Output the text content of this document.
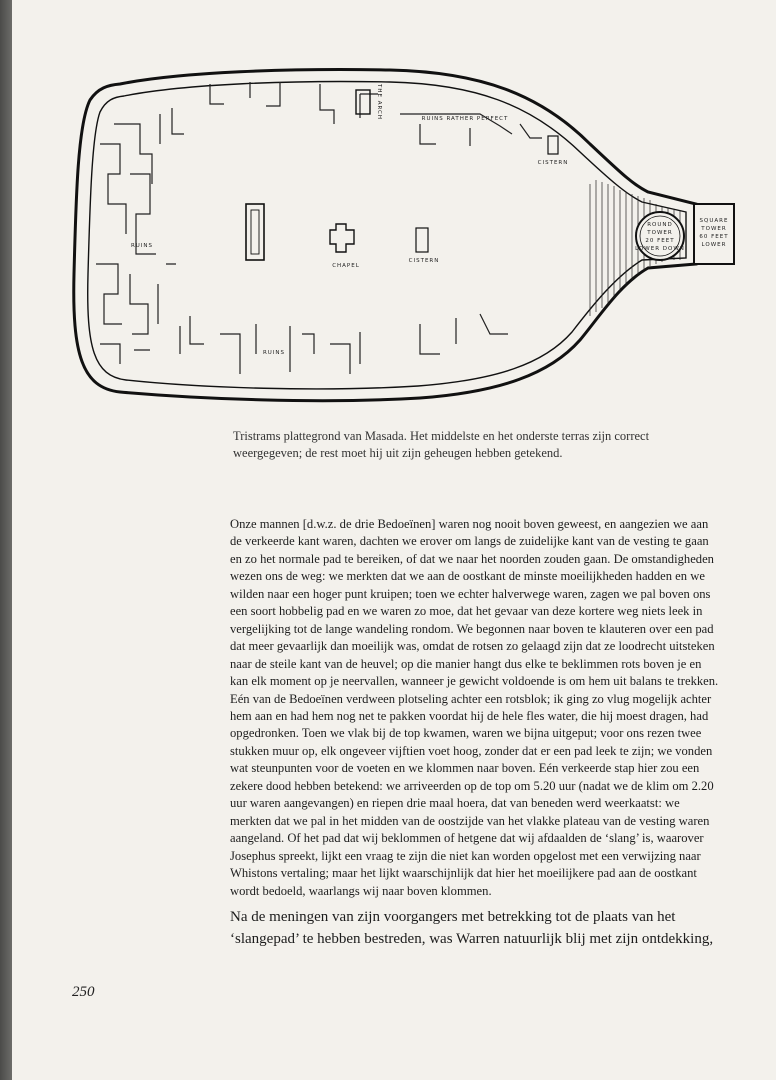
ROUND
TOWER
20 FEET
LOWER DOWN
SQUARE
TOWER
60 FEET
LOWER
THE ARCH	RUINS RATHER PERFECT
CISTERN
CHAPEL
CISTERN
RUINS
RUINS

Tristrams plattegrond van Masada. Het middelste en het onderste terras zijn correct weergegeven; de rest moet hij uit zijn geheugen hebben getekend.

Onze mannen [d.w.z. de drie Bedoeïnen] waren nog nooit boven geweest, en aangezien we aan de verkeerde kant waren, dachten we erover om langs de zuidelijke kant van de vesting te gaan en zo het normale pad te bereiken, of dat we naar het noorden zouden gaan. De omstandigheden wezen ons de weg: we merkten dat we aan de oostkant de minste moeilijkheden hadden en we wilden naar een hoger punt kruipen; toen we echter halverwege waren, zagen we pal boven ons een soort hobbelig pad en we waren zo moe, dat het gevaar van deze kortere weg niets leek in vergelijking tot de lange wandeling rondom. We begonnen naar boven te klauteren over een pad dat meer gevaarlijk dan moeilijk was, omdat de rotsen zo gelaagd zijn dat ze loodrecht uitsteken naar de steile kant van de heuvel; op die manier hangt dus elke te beklimmen rots boven je en kan elk moment op je neervallen, wanneer je gewicht voldoende is om hem uit balans te trekken.

Eén van de Bedoeïnen verdween plotseling achter een rotsblok; ik ging zo vlug mogelijk achter hem aan en had hem nog net te pakken voordat hij de hele fles water, die hij moest dragen, had opgedronken. Toen we vlak bij de top kwamen, waren we bijna uitgeput; voor ons rezen twee stukken muur op, elk ongeveer vijftien voet hoog, zonder dat er een pad leek te zijn; we vonden wat steunpunten voor de voeten en we klommen naar boven. Eén verkeerde stap hier zou een zekere dood hebben betekend: we arriveerden op de top om 5.20 uur (nadat we de klim om 2.20 uur waren aangevangen) en riepen drie maal hoera, dat van beneden werd weerkaatst: we merkten dat we pal in het midden van de oostzijde van het vlakke plateau van de vesting waren aangeland. Of het pad dat wij beklommen of hetgene dat wij afdaalden de ‘slang’ is, waarover Josephus spreekt, lijkt een vraag te zijn die niet kan worden opgelost met een verwijzing naar Whistons vertaling; maar het lijkt waarschijnlijk dat hier het moeilijkere pad aan de oostkant wordt bedoeld, waarlangs wij naar boven klommen.

Na de meningen van zijn voorgangers met betrekking tot de plaats van het ‘slangepad’ te hebben bestreden, was Warren natuurlijk blij met zijn ontdekking,

250
